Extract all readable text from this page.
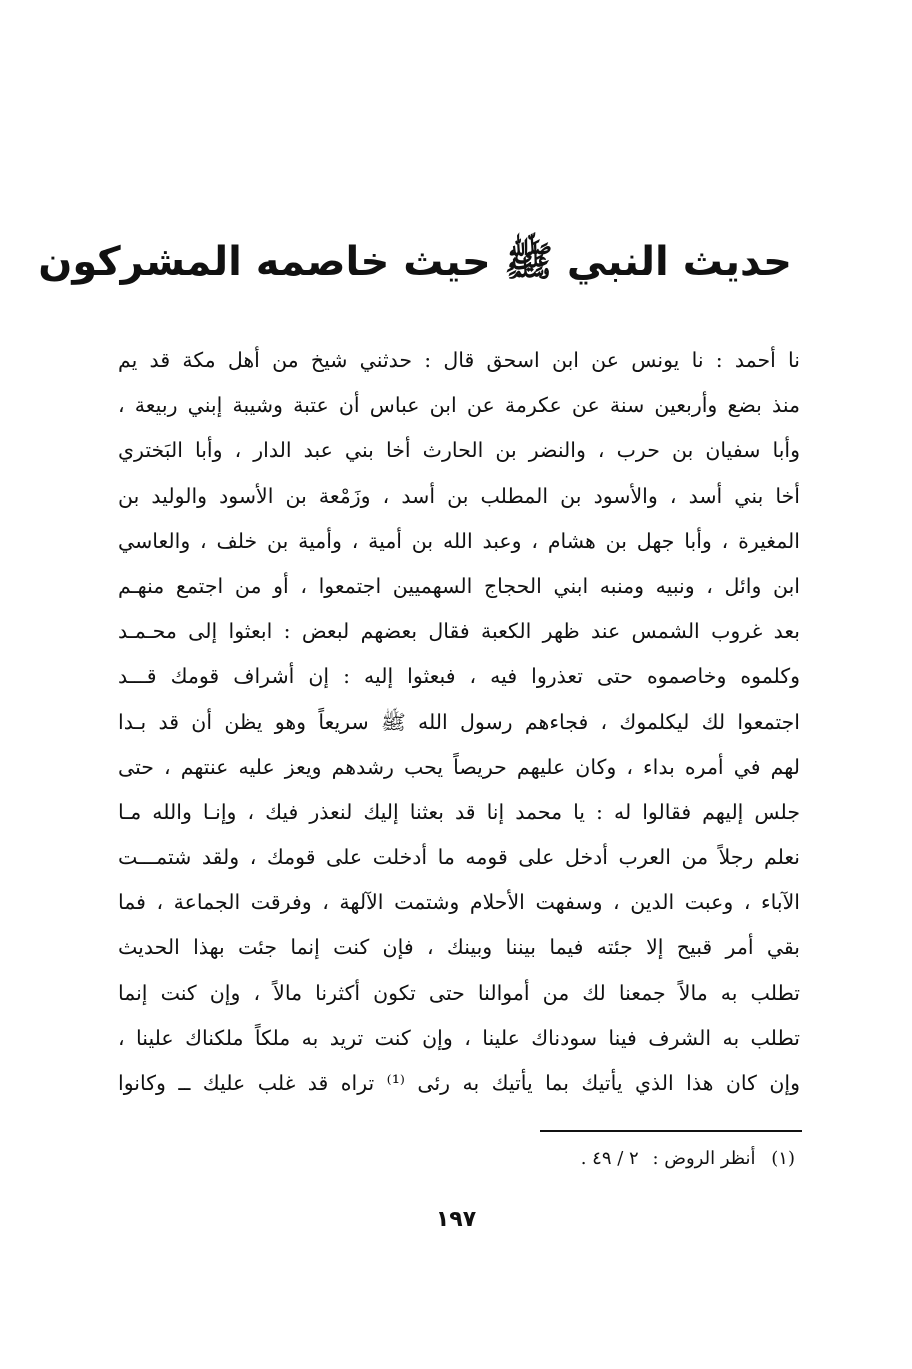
حديث النبي ﷺ حيث خاصمه المشركون
نا أحمد : نا يونس عن ابن اسحق قال : حدثني شيخ من أهل مكة قد يم
منذ بضع وأربعين سنة عن عكرمة عن ابن عباس أن عتبة وشيبة إبني ربيعة ،
وأبا سفيان بن حرب ، والنضر بن الحارث أخا بني عبد الدار ، وأبا البَختري
أخا بني أسد ، والأسود بن المطلب بن أسد ، وزَمْعة بن الأسود والوليد بن
المغيرة ، وأبا جهل بن هشام ، وعبد الله بن أمية ، وأمية بن خلف ، والعاسي
ابن وائل ، ونبيه ومنبه ابني الحجاج السهميين اجتمعوا ، أو من اجتمع منهـم
بعد غروب الشمس عند ظهر الكعبة فقال بعضهم لبعض : ابعثوا إلى محـمـد
وكلموه وخاصموه حتى تعذروا فيه ، فبعثوا إليه : إن أشراف قومك قـــد
اجتمعوا لك ليكلموك ، فجاءهم رسول الله ﷺ سريعاً وهو يظن أن قد بـدا
لهم في أمره بداء ، وكان عليهم حريصاً يحب رشدهم ويعز عليه عنتهم ، حتى
جلس إليهم فقالوا له : يا محمد إنا قد بعثنا إليك لنعذر فيك ، وإنـا والله مـا
نعلم رجلاً من العرب أدخل على قومه ما أدخلت على قومك ، ولقد شتمـــت
الآباء ، وعبت الدين ، وسفهت الأحلام وشتمت الآلهة ، وفرقت الجماعة ، فما
بقي أمر قبيح إلا جئته فيما بيننا وبينك ، فإن كنت إنما جئت بهذا الحديث
تطلب به مالاً جمعنا لك من أموالنا حتى تكون أكثرنا مالاً ، وإن كنت إنما
تطلب به الشرف فينا سودناك علينا ، وإن كنت تريد به ملكاً ملكناك علينا ،
وإن كان هذا الذي يأتيك بما يأتيك به رئى ⁽¹⁾ تراه قد غلب عليك ــ وكانوا
(١) أنظر الروض : ٢ / ٤٩ .
١٩٧
